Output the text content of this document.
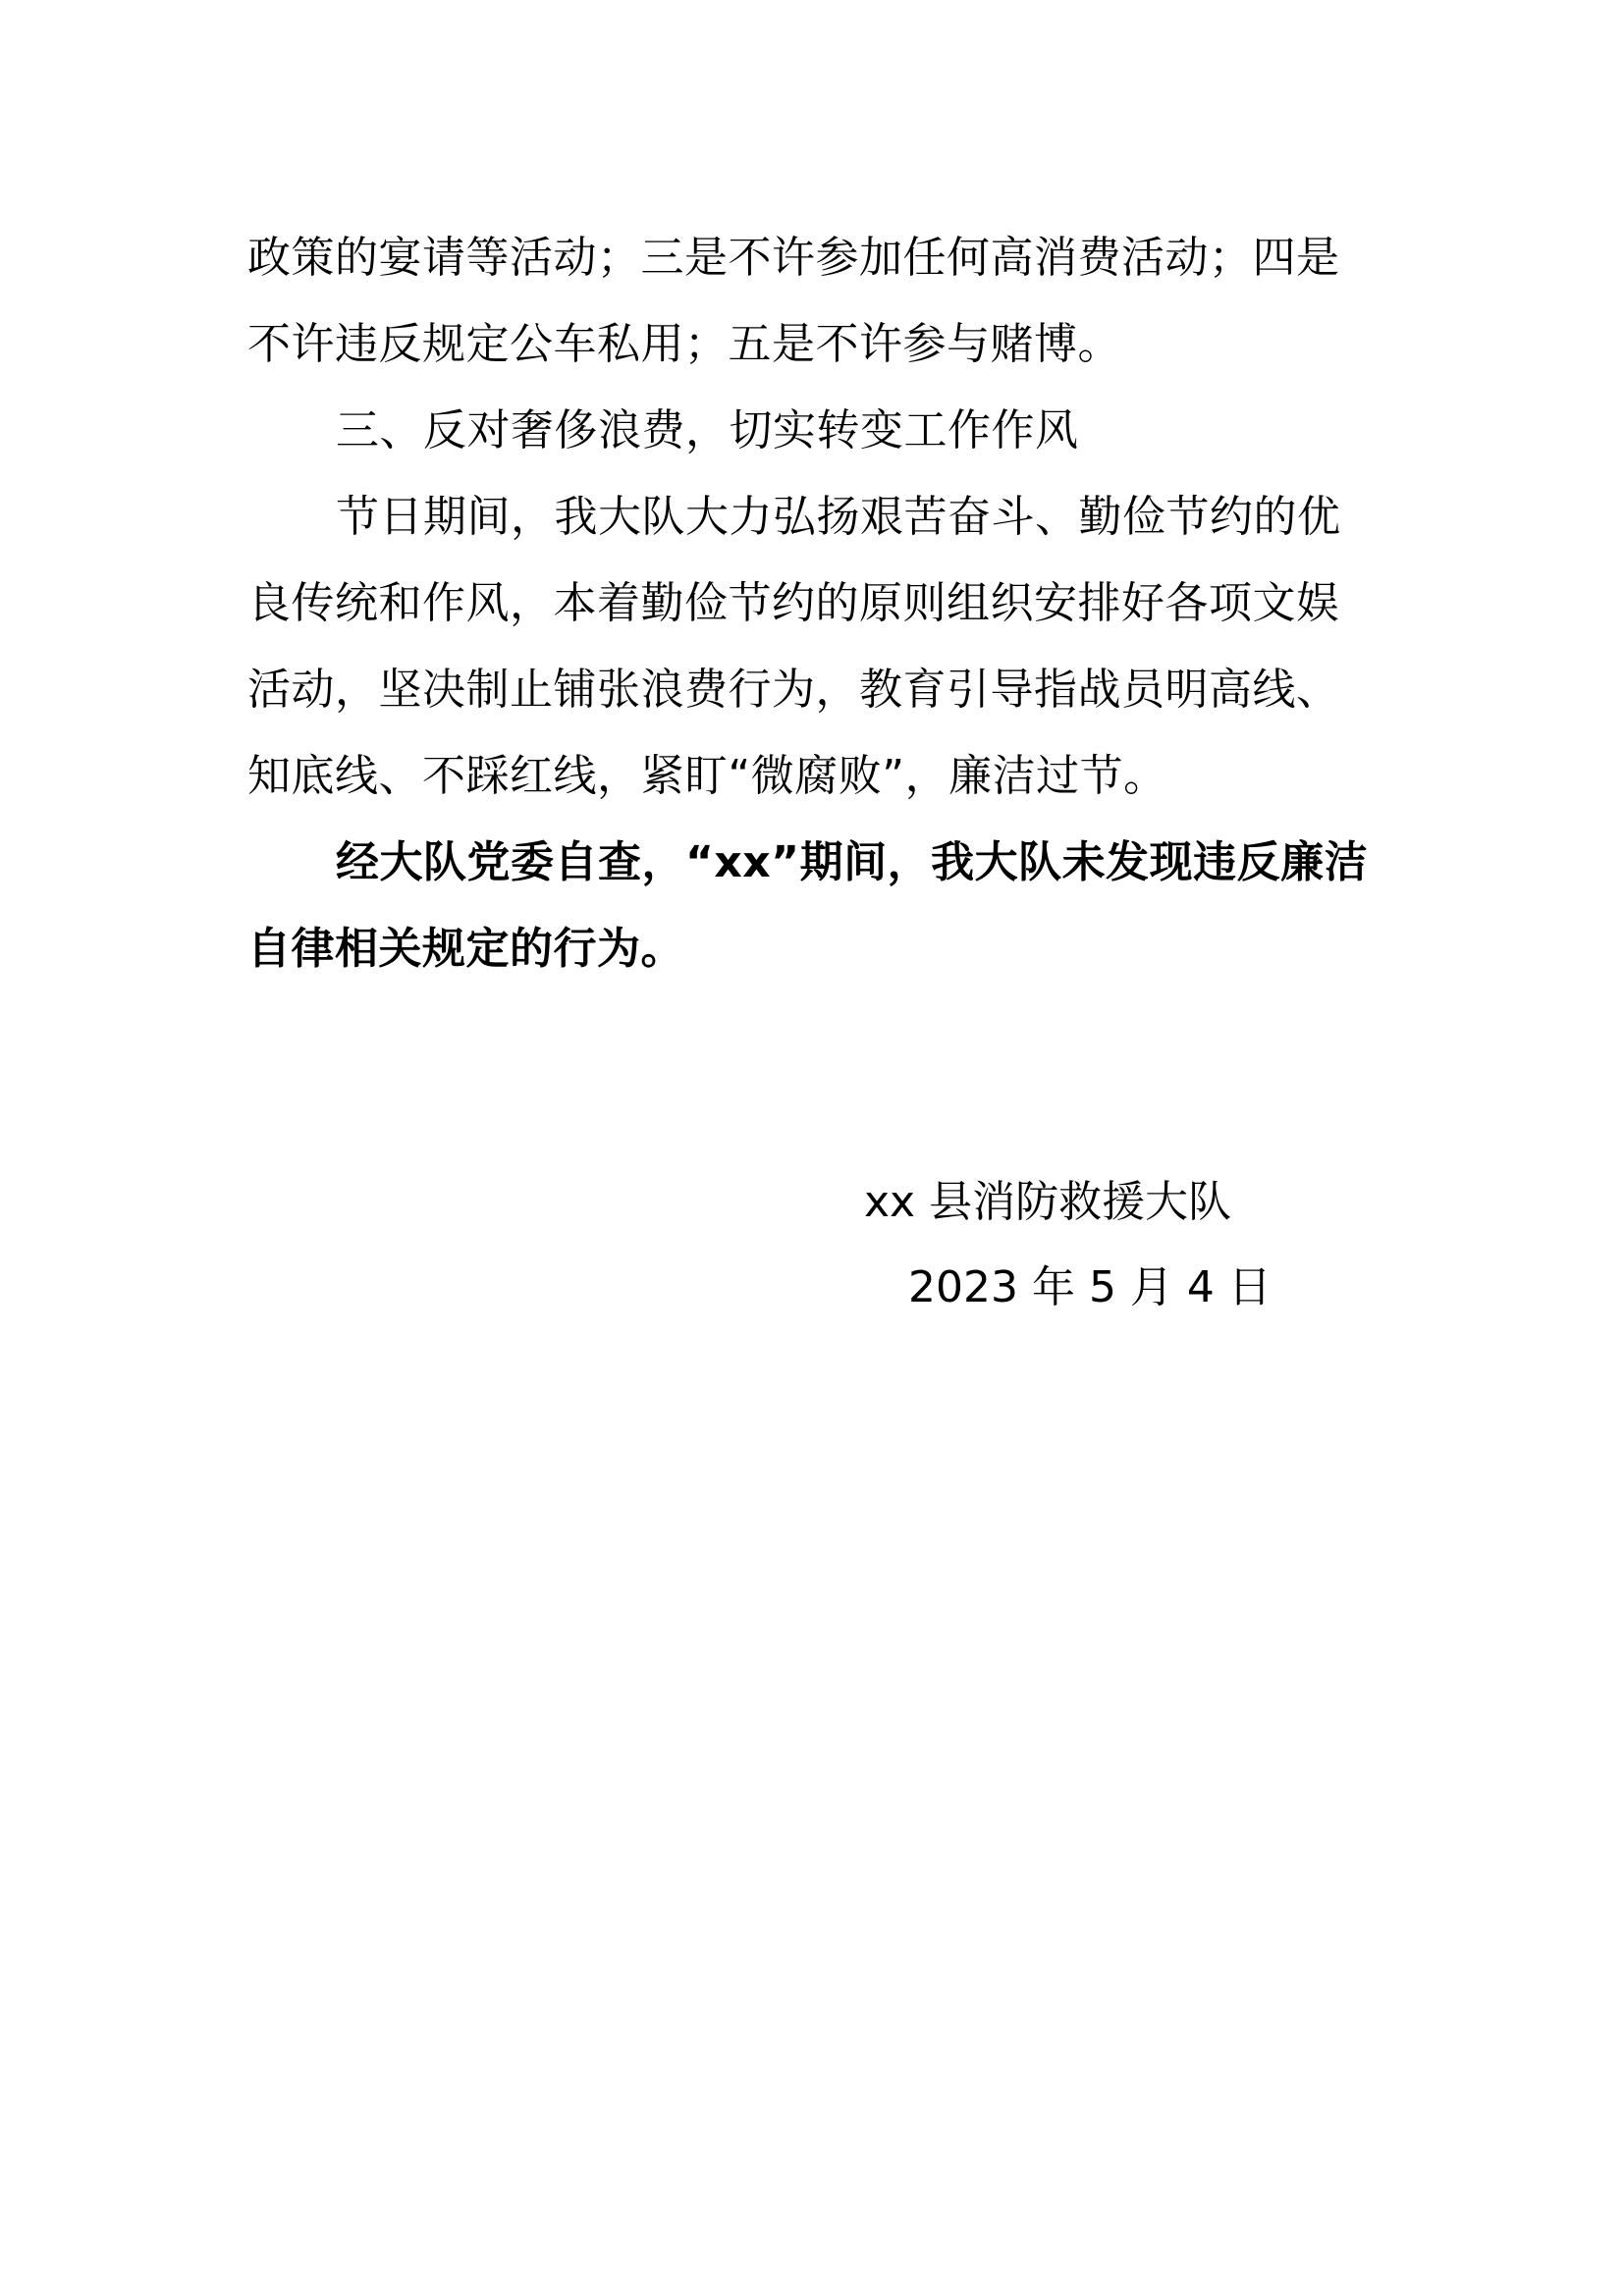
政策的宴请等活动；三是不许参加任何高消费活动；四是
不许违反规定公车私用；五是不许参与赌博。
三、反对奢侈浪费，切实转变工作作风
节日期间，我大队大力弘扬艰苦奋斗、勤俭节约的优
良传统和作风，本着勤俭节约的原则组织安排好各项文娱
活动，坚决制止铺张浪费行为，教育引导指战员明高线、
知底线、不踩红线，紧盯“微腐败”，廉洁过节。
经大队党委自查，“xx”期间，我大队未发现违反廉洁
自律相关规定的行为。
xx 县消防救援大队
2023 年 5 月 4 日
